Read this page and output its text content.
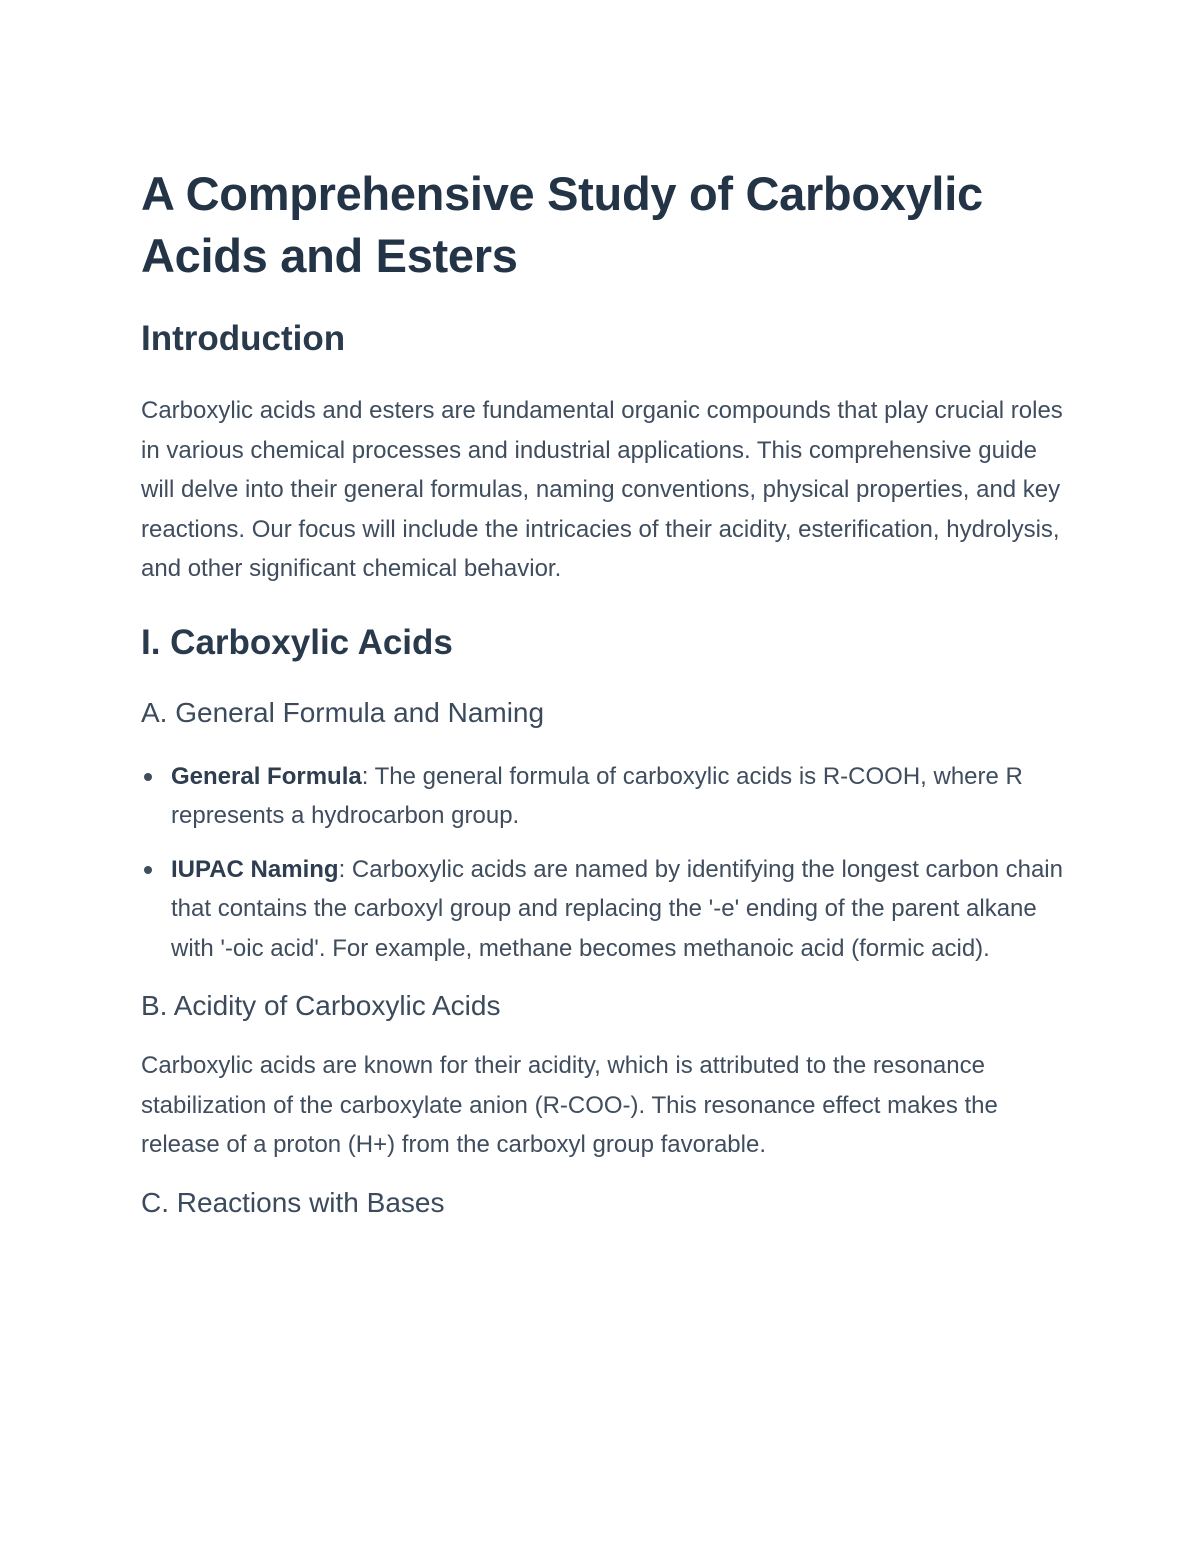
A Comprehensive Study of Carboxylic Acids and Esters
Introduction

Carboxylic acids and esters are fundamental organic compounds that play crucial roles in various chemical processes and industrial applications. This comprehensive guide will delve into their general formulas, naming conventions, physical properties, and key reactions. Our focus will include the intricacies of their acidity, esterification, hydrolysis, and other significant chemical behavior.

I. Carboxylic Acids
A. General Formula and Naming
General Formula: The general formula of carboxylic acids is R-COOH, where R represents a hydrocarbon group.
IUPAC Naming: Carboxylic acids are named by identifying the longest carbon chain that contains the carboxyl group and replacing the '-e' ending of the parent alkane with '-oic acid'. For example, methane becomes methanoic acid (formic acid).
B. Acidity of Carboxylic Acids

Carboxylic acids are known for their acidity, which is attributed to the resonance stabilization of the carboxylate anion (R-COO-). This resonance effect makes the release of a proton (H+) from the carboxyl group favorable.

C. Reactions with Bases
